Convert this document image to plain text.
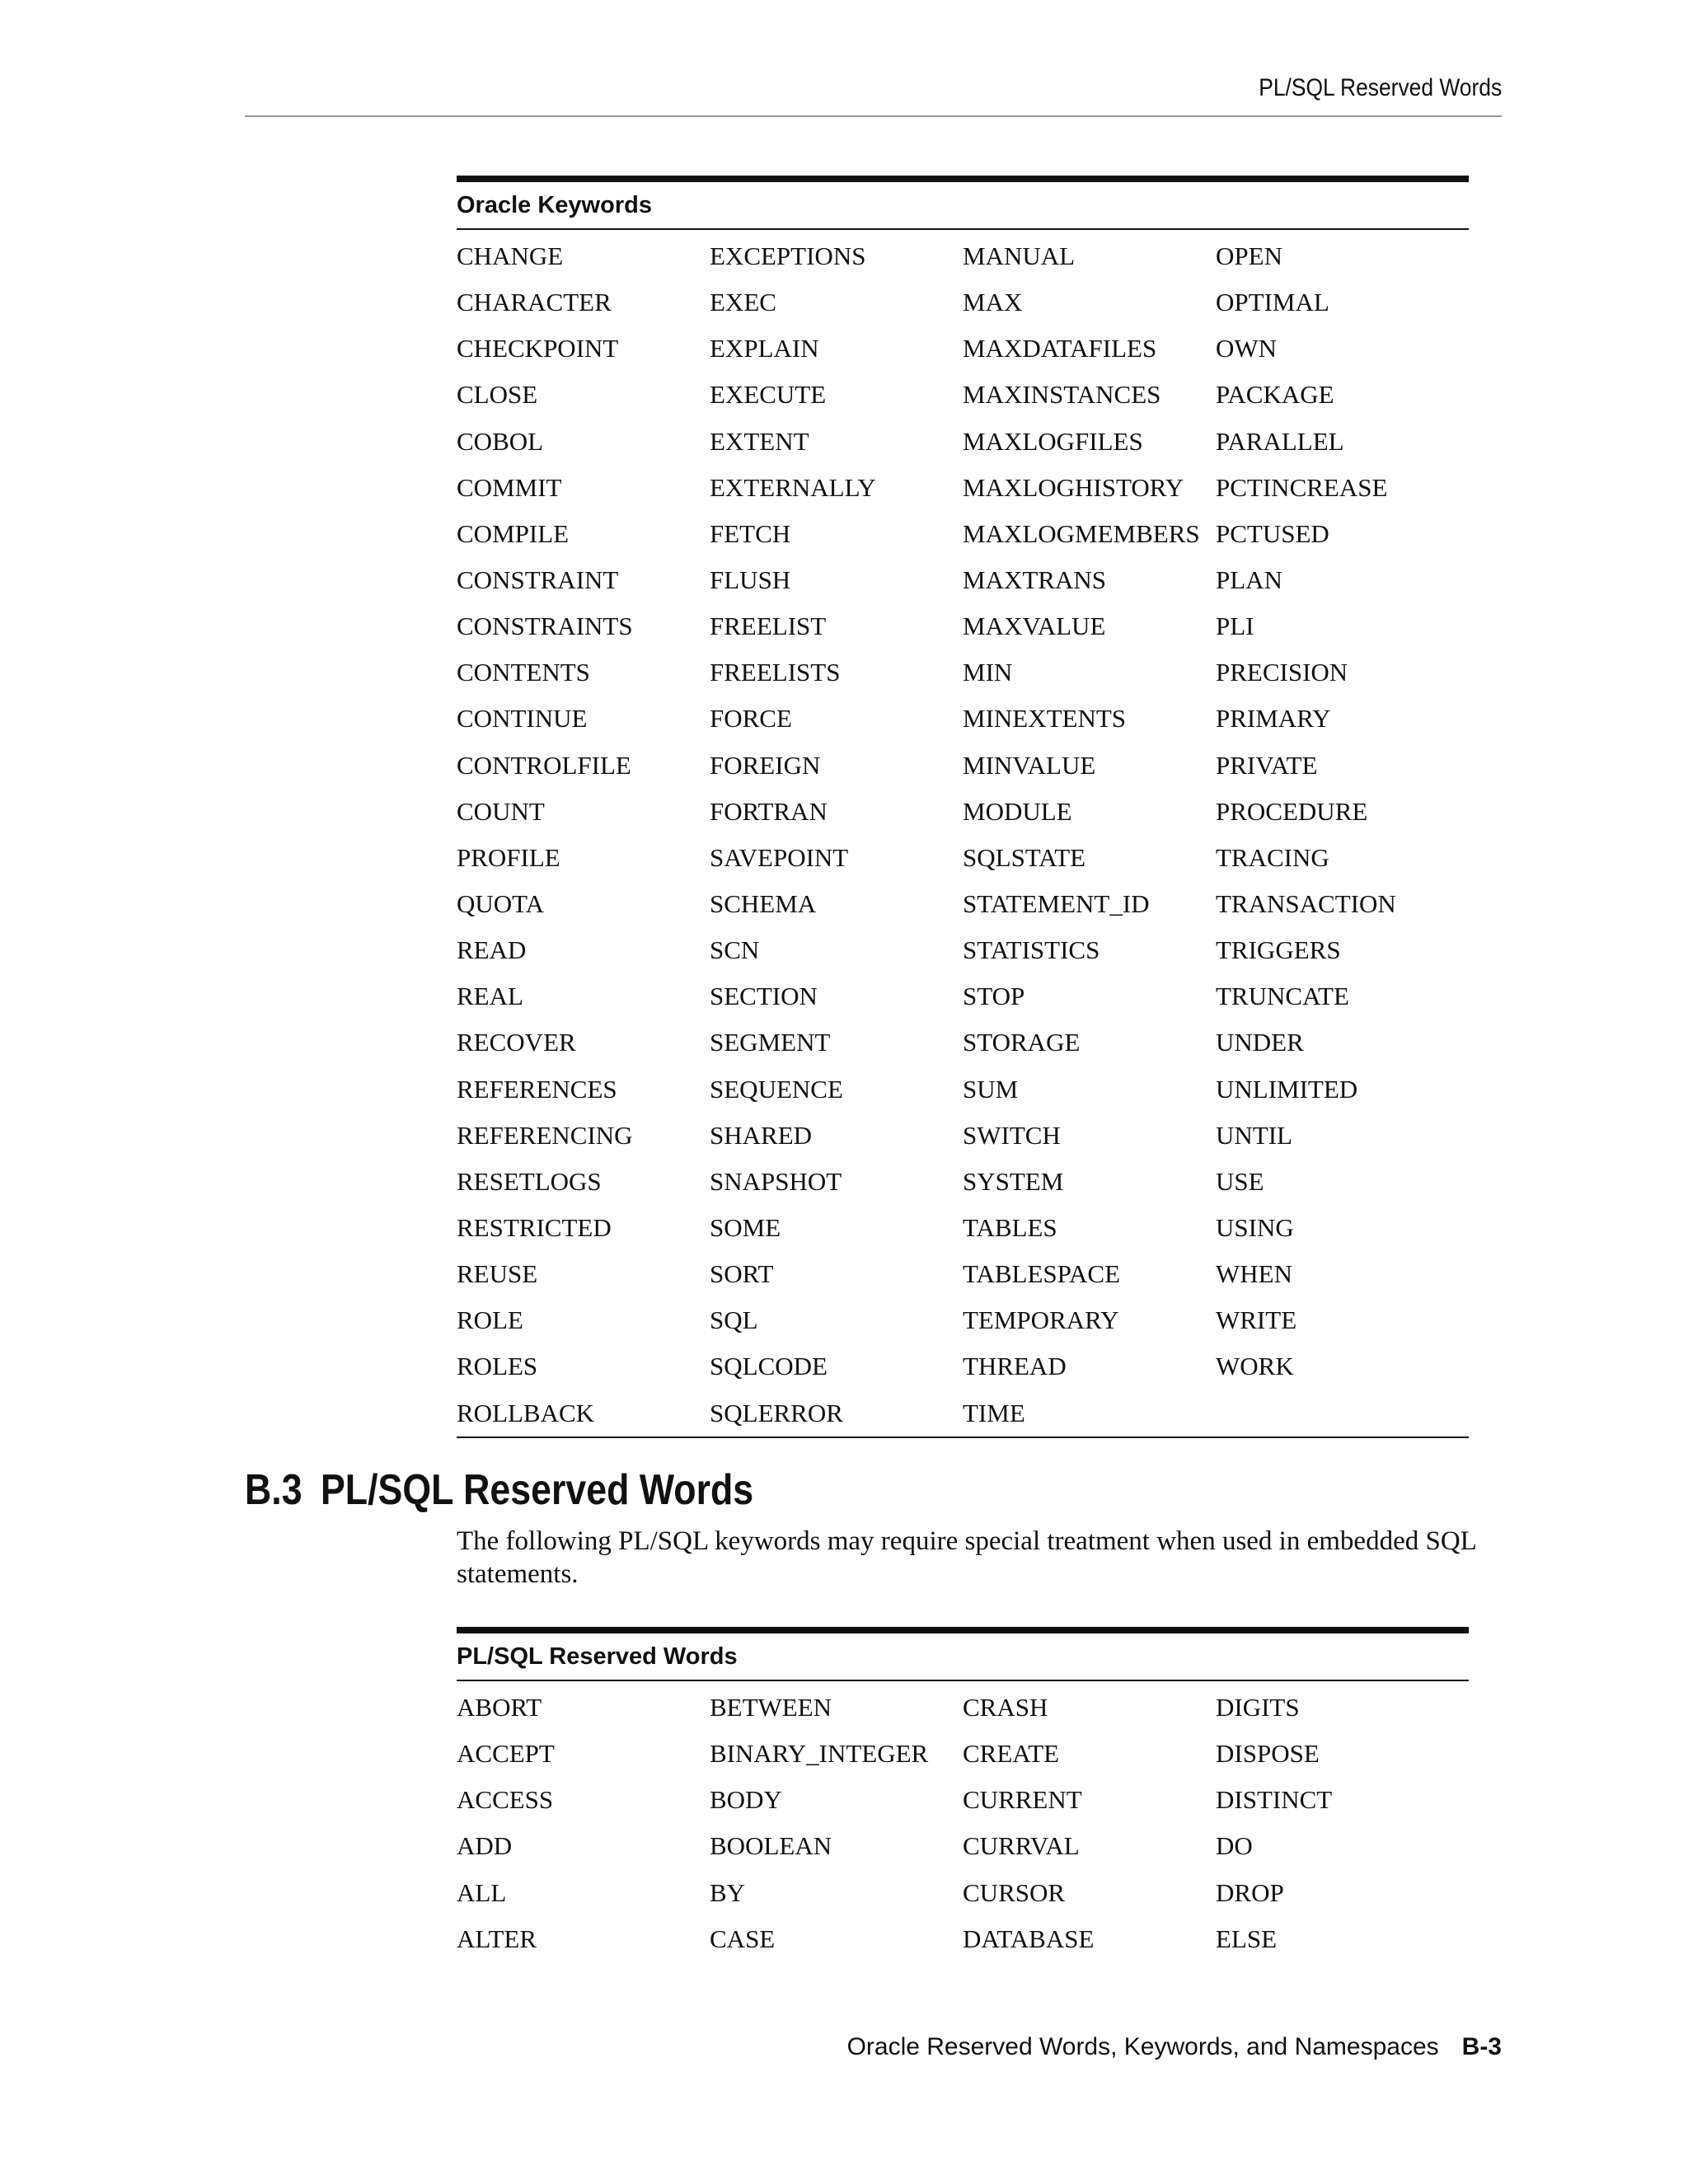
PL/SQL Reserved Words
Oracle Keywords
CHANGE	EXCEPTIONS	MANUAL	OPEN
CHARACTER	EXEC	MAX	OPTIMAL
CHECKPOINT	EXPLAIN	MAXDATAFILES	OWN
CLOSE	EXECUTE	MAXINSTANCES	PACKAGE
COBOL	EXTENT	MAXLOGFILES	PARALLEL
COMMIT	EXTERNALLY	MAXLOGHISTORY	PCTINCREASE
COMPILE	FETCH	MAXLOGMEMBERS PCTUSED
CONSTRAINT	FLUSH	MAXTRANS	PLAN
CONSTRAINTS	FREELIST	MAXVALUE	PLI
CONTENTS	FREELISTS	MIN	PRECISION
CONTINUE	FORCE	MINEXTENTS	PRIMARY
CONTROLFILE	FOREIGN	MINVALUE	PRIVATE
COUNT	FORTRAN	MODULE	PROCEDURE
PROFILE	SAVEPOINT	SQLSTATE	TRACING
QUOTA	SCHEMA	STATEMENT_ID	TRANSACTION
READ	SCN	STATISTICS	TRIGGERS
REAL	SECTION	STOP	TRUNCATE
RECOVER	SEGMENT	STORAGE	UNDER
REFERENCES	SEQUENCE	SUM	UNLIMITED
REFERENCING	SHARED	SWITCH	UNTIL
RESETLOGS	SNAPSHOT	SYSTEM	USE
RESTRICTED	SOME	TABLES	USING
REUSE	SORT	TABLESPACE	WHEN
ROLE	SQL	TEMPORARY	WRITE
ROLES	SQLCODE	THREAD	WORK
ROLLBACK	SQLERROR	TIME
B.3 PL/SQL Reserved Words
The following PL/SQL keywords may require special treatment when used in embedded SQL statements.
PL/SQL Reserved Words
ABORT	BETWEEN	CRASH	DIGITS
ACCEPT	BINARY_INTEGER	CREATE	DISPOSE
ACCESS	BODY	CURRENT	DISTINCT
ADD	BOOLEAN	CURRVAL	DO
ALL	BY	CURSOR	DROP
ALTER	CASE	DATABASE	ELSE
Oracle Reserved Words, Keywords, and Namespaces B-3
